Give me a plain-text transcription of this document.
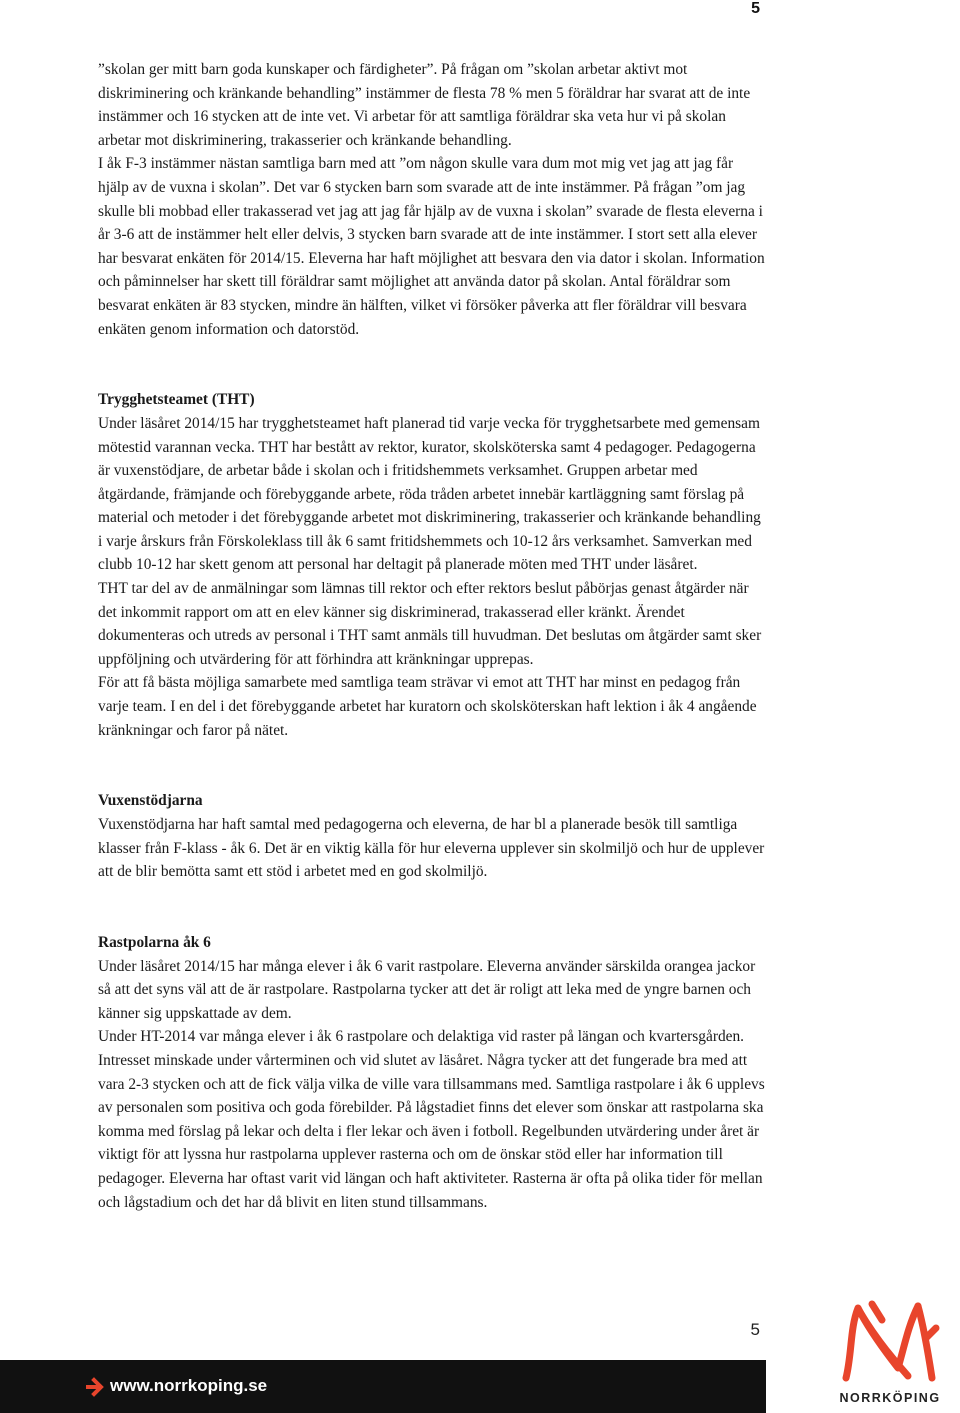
5

”skolan ger mitt barn goda kunskaper och färdigheter”. På frågan om ”skolan arbetar aktivt mot diskriminering och kränkande behandling” instämmer de flesta 78 % men 5 föräldrar har svarat att de inte instämmer och 16 stycken att de inte vet. Vi arbetar för att samtliga föräldrar ska veta hur vi på skolan arbetar mot diskriminering, trakasserier och kränkande behandling.

I åk F-3 instämmer nästan samtliga barn med att ”om någon skulle vara dum mot mig vet jag att jag får hjälp av de vuxna i skolan”. Det var 6 stycken barn som svarade att de inte instämmer. På frågan ”om jag skulle bli mobbad eller trakasserad vet jag att jag får hjälp av de vuxna i skolan” svarade de flesta eleverna i år 3-6 att de instämmer helt eller delvis, 3 stycken barn svarade att de inte instämmer. I stort sett alla elever har besvarat enkäten för 2014/15. Eleverna har haft möjlighet att besvara den via dator i skolan. Information och påminnelser har skett till föräldrar samt möjlighet att använda dator på skolan. Antal föräldrar som besvarat enkäten är 83 stycken, mindre än hälften, vilket vi försöker påverka att fler föräldrar vill besvara enkäten genom information och datorstöd.

Trygghetsteamet (THT)

Under läsåret 2014/15 har trygghetsteamet haft planerad tid varje vecka för trygghetsarbete med gemensam mötestid varannan vecka. THT har bestått av rektor, kurator, skolsköterska samt 4 pedagoger. Pedagogerna är vuxenstödjare, de arbetar både i skolan och i fritidshemmets verksamhet. Gruppen arbetar med åtgärdande, främjande och förebyggande arbete, röda tråden arbetet innebär kartläggning samt förslag på material och metoder i det förebyggande arbetet mot diskriminering, trakasserier och kränkande behandling i varje årskurs från Förskoleklass till åk 6 samt fritidshemmets och 10-12 års verksamhet. Samverkan med clubb 10-12 har skett genom att personal har deltagit på planerade möten med THT under läsåret.

THT tar del av de anmälningar som lämnas till rektor och efter rektors beslut påbörjas genast åtgärder när det inkommit rapport om att en elev känner sig diskriminerad, trakasserad eller kränkt. Ärendet dokumenteras och utreds av personal i THT samt anmäls till huvudman. Det beslutas om åtgärder samt sker uppföljning och utvärdering för att förhindra att kränkningar upprepas.

För att få bästa möjliga samarbete med samtliga team strävar vi emot att THT har minst en pedagog från varje team. I en del i det förebyggande arbetet har kuratorn och skolsköterskan haft lektion i åk 4 angående kränkningar och faror på nätet.

Vuxenstödjarna

Vuxenstödjarna har haft samtal med pedagogerna och eleverna, de har bl a planerade besök till samtliga klasser från F-klass - åk 6. Det är en viktig källa för hur eleverna upplever sin skolmiljö och hur de upplever att de blir bemötta samt ett stöd i arbetet med en god skolmiljö.

Rastpolarna åk 6

Under läsåret 2014/15 har många elever i åk 6 varit rastpolare. Eleverna använder särskilda orangea jackor så att det syns väl att de är rastpolare. Rastpolarna tycker att det är roligt att leka med de yngre barnen och känner sig uppskattade av dem.

Under HT-2014 var många elever i åk 6 rastpolare och delaktiga vid raster på längan och kvartersgården. Intresset minskade under vårterminen och vid slutet av läsåret. Några tycker att det fungerade bra med att vara 2-3 stycken och att de fick välja vilka de ville vara tillsammans med. Samtliga rastpolare i åk 6 upplevs av personalen som positiva och goda förebilder. På lågstadiet finns det elever som önskar att rastpolarna ska komma med förslag på lekar och delta i fler lekar och även i fotboll. Regelbunden utvärdering under året är viktigt för att lyssna hur rastpolarna upplever rasterna och om de önskar stöd eller har information till pedagoger. Eleverna har oftast varit vid längan och haft aktiviteter. Rasterna är ofta på olika tider för mellan och lågstadium och det har då blivit en liten stund tillsammans.

5
www.norrkoping.se
NORRKÖPING
